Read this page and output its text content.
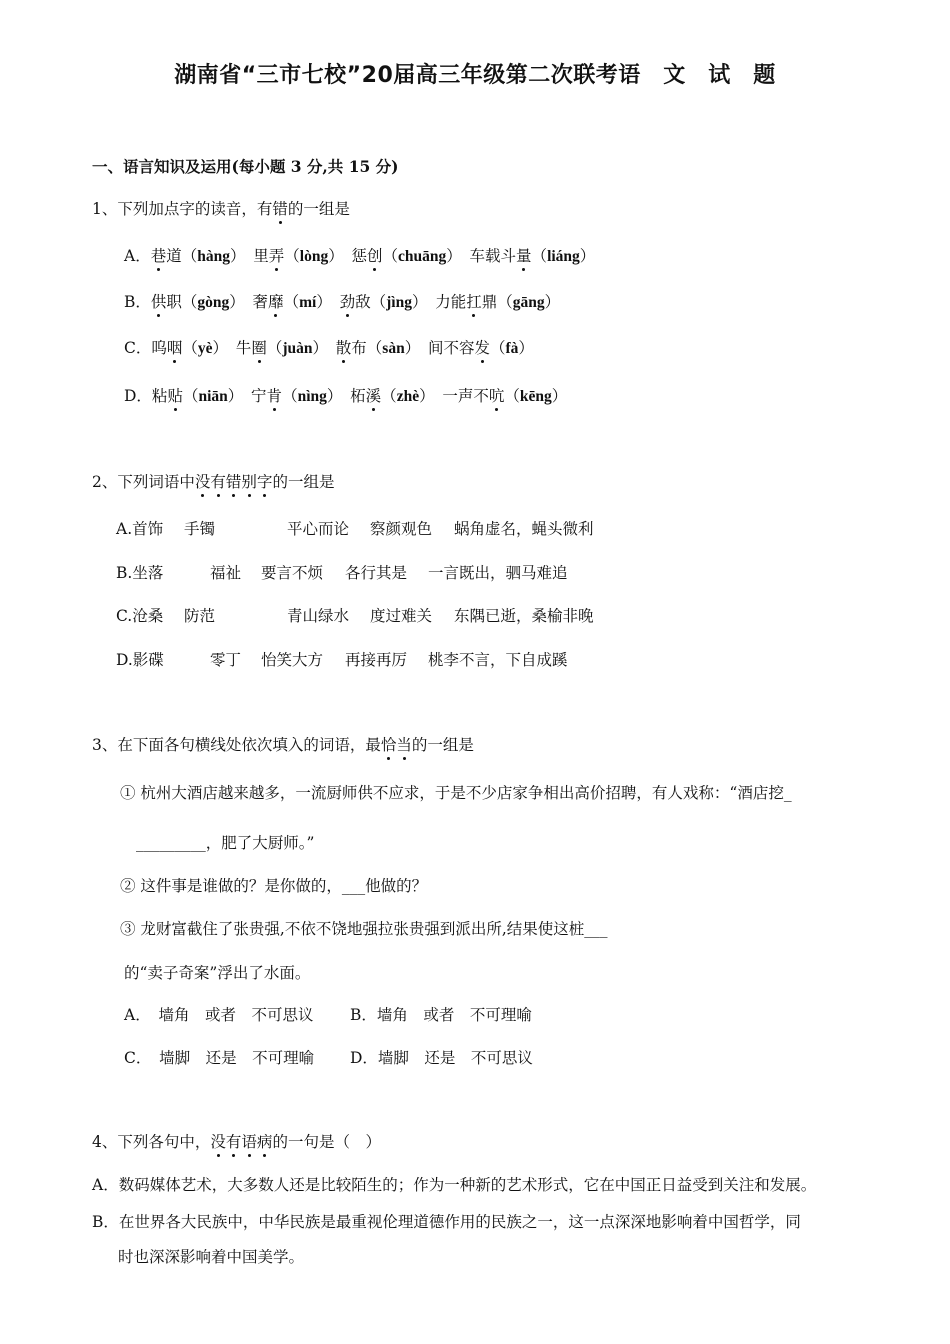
湖南省“三市七校”20届高三年级第二次联考语　文　试　题
一、语言知识及运用(每小题 3 分,共 15 分)
1、下列加点字的读音，有错的一组是
A．巷道（hàng）　里弄（lòng）　惩创（chuāng）　车载斗量（liáng）
B．供职（gòng）　奢靡（mí）　劲敌（jìng）　力能扛鼎（gāng）
C．呜咽（yè）　牛圈（juàn）　散布（sàn）　间不容发（fà）
D．粘贴（niān）　宁肯（nìng）　柘溪（zhè）　一声不吭（kēng）
2、下列词语中没有错别字的一组是
A.首饰 手镯	平心而论 察颜观色 蜗角虚名，蝇头微利
B.坐落	福祉 要言不烦 各行其是 一言既出，驷马难追
C.沧桑 防范	青山绿水 度过难关 东隅已逝，桑榆非晚
D.影碟	零丁 怡笑大方 再接再厉 桃李不言，下自成蹊
3、在下面各句横线处依次填入的词语，最恰当的一组是
① 杭州大酒店越来越多，一流厨师供不应求，于是不少店家争相出高价招聘，有人戏称：“酒店挖_
_________，肥了大厨师。”
② 这件事是谁做的？是你做的，___他做的？
③ 龙财富截住了张贵强,不依不饶地强拉张贵强到派出所,结果使这桩___
的“卖子奇案”浮出了水面。
A．　墙角　或者　不可思议 B．墙角　或者　不可理喻
C．　墙脚　还是　不可理喻 D．墙脚　还是　不可思议
4、下列各句中，没有语病的一句是（　）
A．数码媒体艺术，大多数人还是比较陌生的；作为一种新的艺术形式，它在中国正日益受到关注和发展。
B．在世界各大民族中，中华民族是最重视伦理道德作用的民族之一，这一点深深地影响着中国哲学，同
时也深深影响着中国美学。
